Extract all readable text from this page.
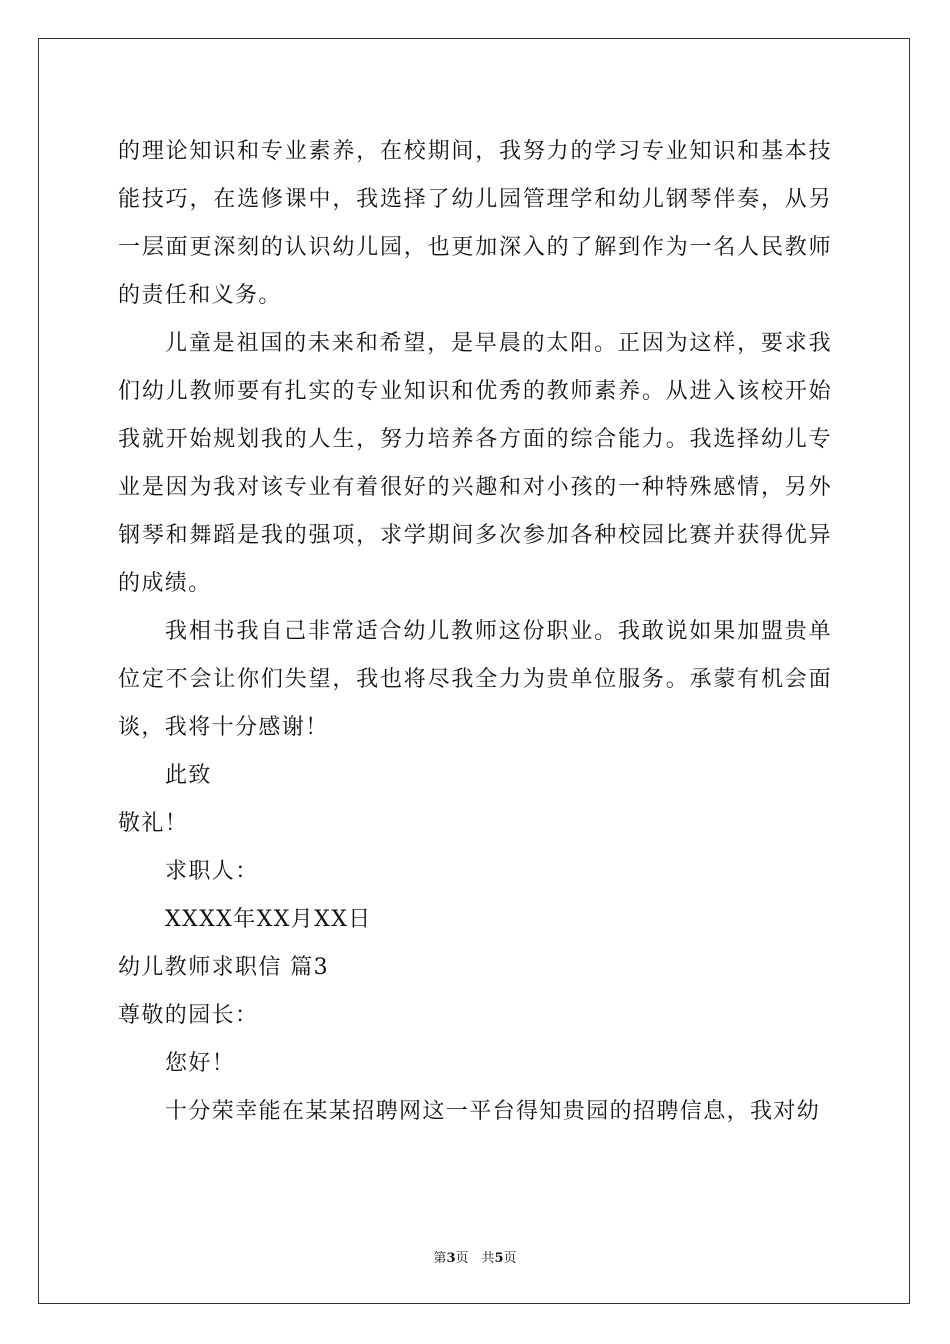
的理论知识和专业素养，在校期间，我努力的学习专业知识和基本技能技巧，在选修课中，我选择了幼儿园管理学和幼儿钢琴伴奏，从另一层面更深刻的认识幼儿园，也更加深入的了解到作为一名人民教师的责任和义务。

儿童是祖国的未来和希望，是早晨的太阳。正因为这样，要求我们幼儿教师要有扎实的专业知识和优秀的教师素养。从进入该校开始我就开始规划我的人生，努力培养各方面的综合能力。我选择幼儿专业是因为我对该专业有着很好的兴趣和对小孩的一种特殊感情，另外钢琴和舞蹈是我的强项，求学期间多次参加各种校园比赛并获得优异的成绩。

我相书我自己非常适合幼儿教师这份职业。我敢说如果加盟贵单位定不会让你们失望，我也将尽我全力为贵单位服务。承蒙有机会面谈，我将十分感谢！

此致

敬礼！

求职人：

XXXX年XX月XX日

幼儿教师求职信 篇3

尊敬的园长：

您好！

十分荣幸能在某某招聘网这一平台得知贵园的招聘信息，我对幼

第3页　共5页
